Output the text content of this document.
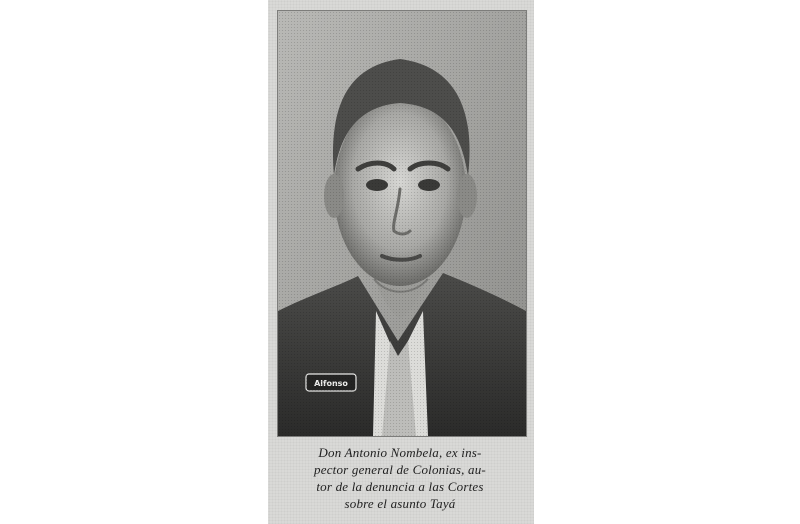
Don Antonio Nombela, ex ins-
pector general de Colonias, au-
tor de la denuncia a las Cortes
sobre el asunto Tayá
